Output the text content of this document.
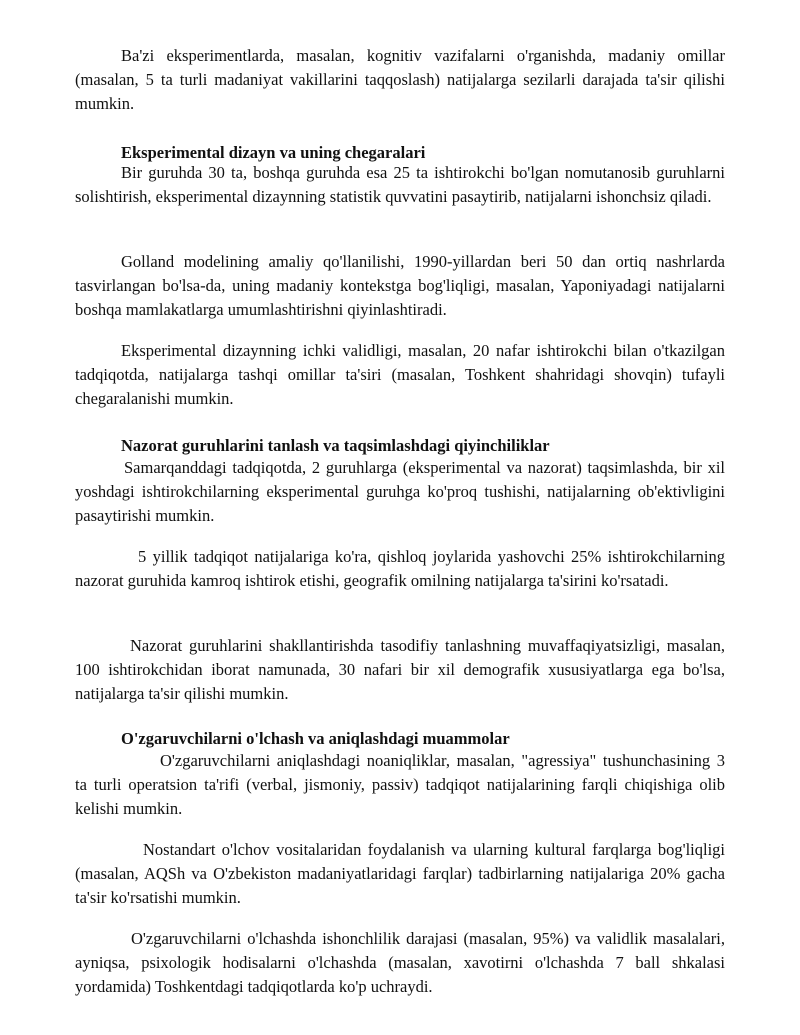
Ba'zi eksperimentlarda, masalan, kognitiv vazifalarni o'rganishda, madaniy omillar (masalan, 5 ta turli madaniyat vakillarini taqqoslash) natijalarga sezilarli darajada ta'sir qilishi mumkin.

Eksperimental dizayn va uning chegaralari

Bir guruhda 30 ta, boshqa guruhda esa 25 ta ishtirokchi bo'lgan nomutanosib guruhlarni solishtirish, eksperimental dizaynning statistik quvvatini pasaytirib, natijalarni ishonchsiz qiladi.

Golland modelining amaliy qo'llanilishi, 1990-yillardan beri 50 dan ortiq nashrlarda tasvirlangan bo'lsa-da, uning madaniy kontekstga bog'liqligi, masalan, Yaponiyadagi natijalarni boshqa mamlakatlarga umumlashtirishni qiyinlashtiradi.

Eksperimental dizaynning ichki validligi, masalan, 20 nafar ishtirokchi bilan o'tkazilgan tadqiqotda, natijalarga tashqi omillar ta'siri (masalan, Toshkent shahridagi shovqin) tufayli chegaralanishi mumkin.

Nazorat guruhlarini tanlash va taqsimlashdagi qiyinchiliklar

Samarqanddagi tadqiqotda, 2 guruhlarga (eksperimental va nazorat) taqsimlashda, bir xil yoshdagi ishtirokchilarning eksperimental guruhga ko'proq tushishi, natijalarning ob'ektivligini pasaytirishi mumkin.

5 yillik tadqiqot natijalariga ko'ra, qishloq joylarida yashovchi 25% ishtirokchilarning nazorat guruhida kamroq ishtirok etishi, geografik omilning natijalarga ta'sirini ko'rsatadi.

Nazorat guruhlarini shakllantirishda tasodifiy tanlashning muvaffaqiyatsizligi, masalan, 100 ishtirokchidan iborat namunada, 30 nafari bir xil demografik xususiyatlarga ega bo'lsa, natijalarga ta'sir qilishi mumkin.

O'zgaruvchilarni o'lchash va aniqlashdagi muammolar

O'zgaruvchilarni aniqlashdagi noaniqliklar, masalan, "agressiya" tushunchasining 3 ta turli operatsion ta'rifi (verbal, jismoniy, passiv) tadqiqot natijalarining farqli chiqishiga olib kelishi mumkin.

Nostandart o'lchov vositalaridan foydalanish va ularning kultural farqlarga bog'liqligi (masalan, AQSh va O'zbekiston madaniyatlaridagi farqlar) tadbirlarning natijalariga 20% gacha ta'sir ko'rsatishi mumkin.

O'zgaruvchilarni o'lchashda ishonchlilik darajasi (masalan, 95%) va validlik masalalari, ayniqsa, psixologik hodisalarni o'lchashda (masalan, xavotirni o'lchashda 7 ball shkalasi yordamida) Toshkentdagi tadqiqotlarda ko'p uchraydi.
